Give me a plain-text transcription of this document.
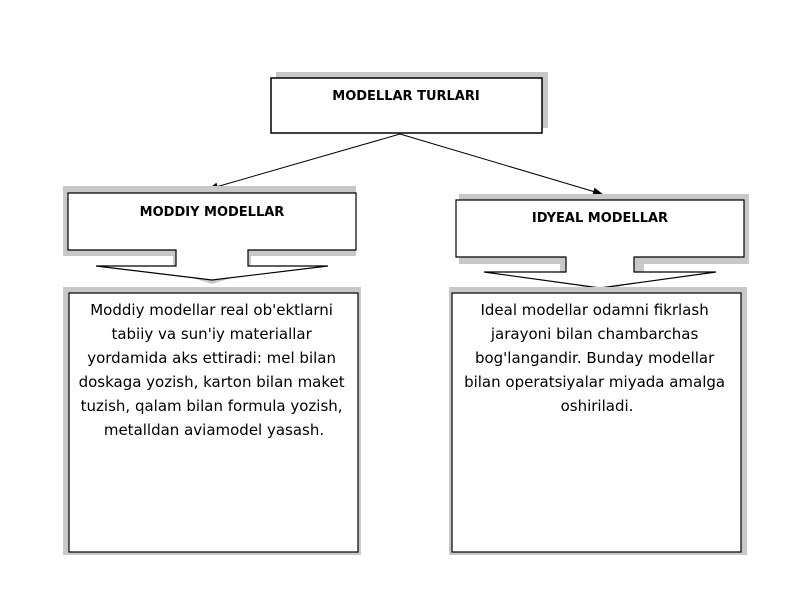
MODELLAR TURLARI
MODDIY MODELLAR	IDYEAL MODELLAR
Moddiy modellar real ob'ektlarni tabiiy va sun'iy materiallar yordamida aks ettiradi: mel bilan doskaga yozish, karton bilan maket tuzish, qalam bilan formula yozish, metalldan aviamodel yasash.
Ideal modellar odamni fikrlash jarayoni bilan chambarchas bog'langandir. Bunday modellar bilan operatsiyalar miyada amalga oshiriladi.
